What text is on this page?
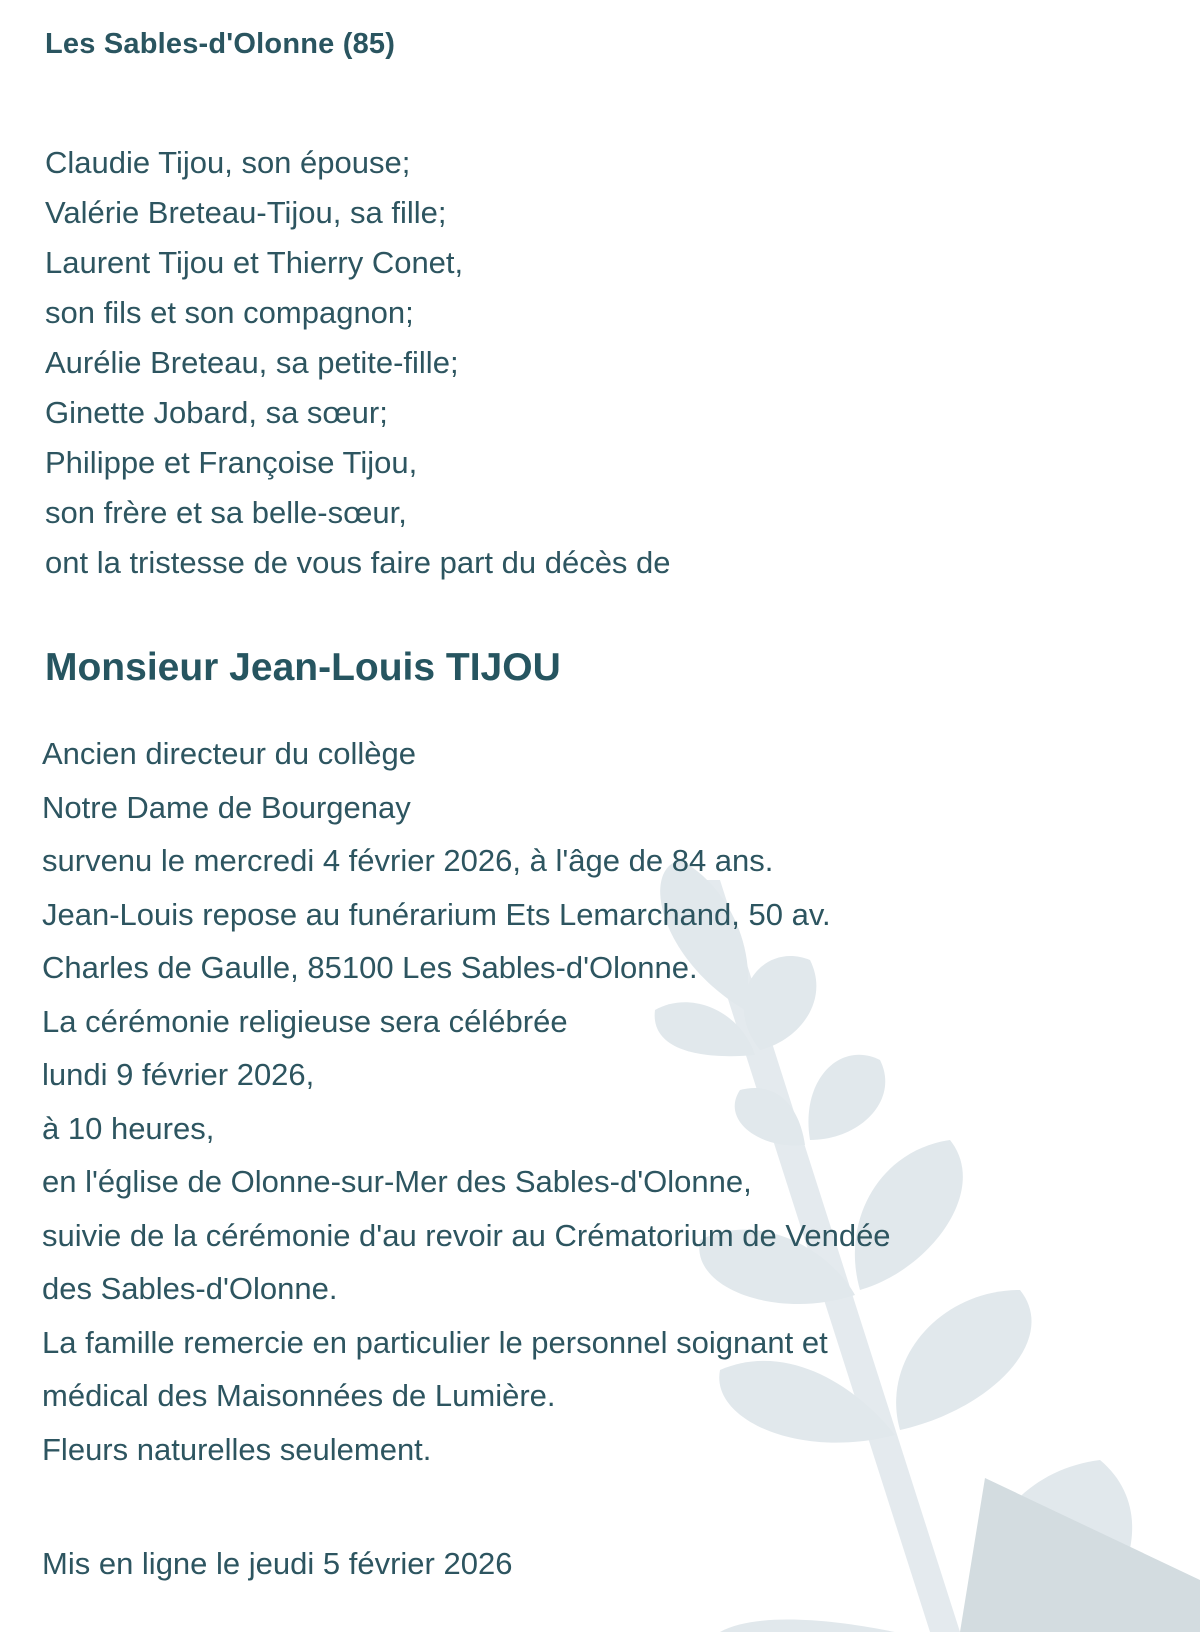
Les Sables-d'Olonne (85)
Claudie Tijou, son épouse;
Valérie Breteau-Tijou, sa fille;
Laurent Tijou et Thierry Conet,
son fils et son compagnon;
Aurélie Breteau, sa petite-fille;
Ginette Jobard, sa sœur;
Philippe et Françoise Tijou,
son frère et sa belle-sœur,
ont la tristesse de vous faire part du décès de
Monsieur Jean-Louis TIJOU
Ancien directeur du collège
Notre Dame de Bourgenay
survenu le mercredi 4 février 2026, à l'âge de 84 ans.
Jean-Louis repose au funérarium Ets Lemarchand, 50 av.
Charles de Gaulle, 85100 Les Sables-d'Olonne.
La cérémonie religieuse sera célébrée
lundi 9 février 2026,
à 10 heures,
en l'église de Olonne-sur-Mer des Sables-d'Olonne,
suivie de la cérémonie d'au revoir au Crématorium de Vendée
des Sables-d'Olonne.
La famille remercie en particulier le personnel soignant et
médical des Maisonnées de Lumière.
Fleurs naturelles seulement.

Mis en ligne le jeudi 5 février 2026
